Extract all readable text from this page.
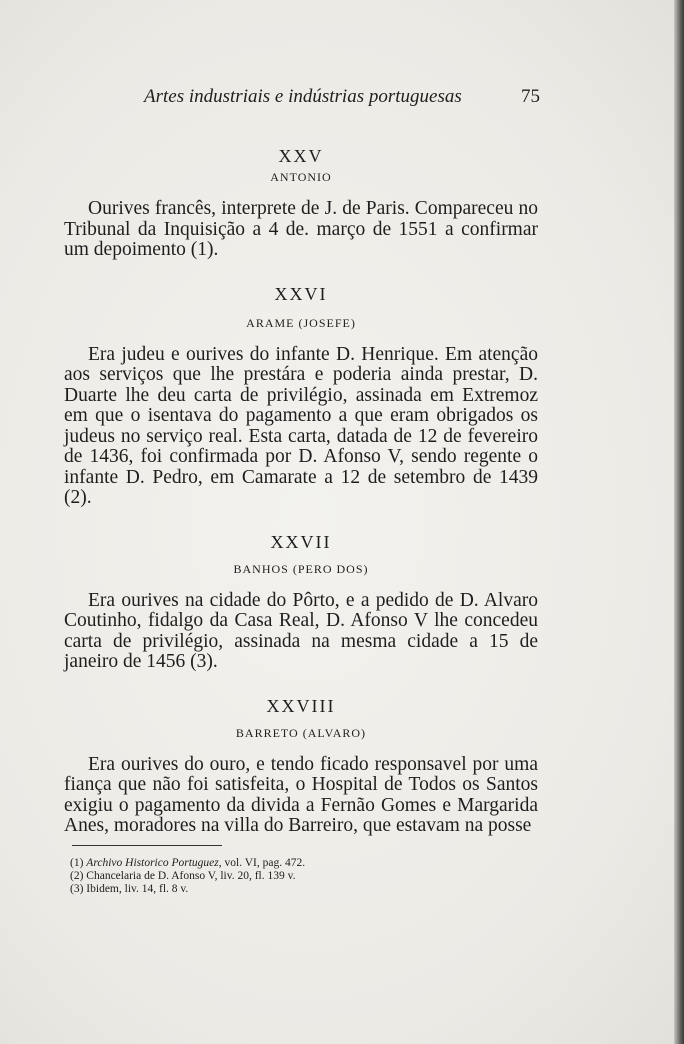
Artes industriais e indústrias portuguesas	75

XXV

ANTONIO

Ourives francês, interprete de J. de Paris. Compareceu no Tribunal da Inquisição a 4 de. março de 1551 a confirmar um depoimento (1).

XXVI

ARAME (JOSEFE)

Era judeu e ourives do infante D. Henrique. Em atenção aos serviços que lhe prestára e poderia ainda prestar, D. Duarte lhe deu carta de privilégio, assinada em Extremoz em que o isentava do pagamento a que eram obrigados os judeus no serviço real. Esta carta, datada de 12 de fevereiro de 1436, foi confirmada por D. Afonso V, sendo regente o infante D. Pedro, em Camarate a 12 de setembro de 1439 (2).

XXVII

BANHOS (PERO DOS)

Era ourives na cidade do Pôrto, e a pedido de D. Alvaro Coutinho, fidalgo da Casa Real, D. Afonso V lhe concedeu carta de privilégio, assinada na mesma cidade a 15 de janeiro de 1456 (3).

XXVIII

BARRETO (ALVARO)

Era ourives do ouro, e tendo ficado responsavel por uma fiança que não foi satisfeita, o Hospital de Todos os Santos exigiu o pagamento da divida a Fernão Gomes e Margarida Anes, moradores na villa do Barreiro, que estavam na posse

(1) Archivo Historico Portuguez, vol. VI, pag. 472.
(2) Chancelaria de D. Afonso V, liv. 20, fl. 139 v.
(3) Ibidem, liv. 14, fl. 8 v.
